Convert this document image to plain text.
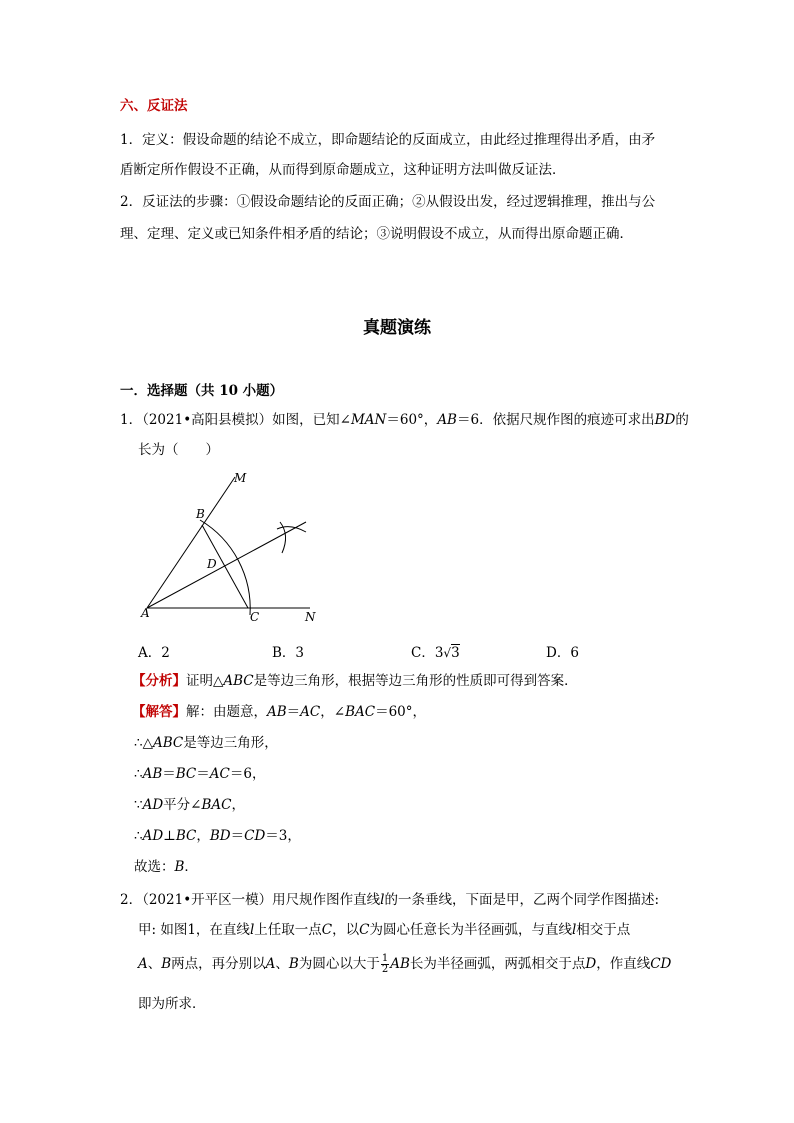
六、反证法
1．定义：假设命题的结论不成立，即命题结论的反面成立，由此经过推理得出矛盾，由矛
盾断定所作假设不正确，从而得到原命题成立，这种证明方法叫做反证法．
2．反证法的步骤：①假设命题结论的反面正确；②从假设出发，经过逻辑推理，推出与公
理、定理、定义或已知条件相矛盾的结论；③说明假设不成立，从而得出原命题正确．
真题演练
一．选择题（共 10 小题）
1．（2021•高阳县模拟）如图，已知∠MAN＝60°，AB＝6．依据尺规作图的痕迹可求出BD的
长为（　　）
M
B
D
A	C	N
A．2	B．3	C．3√3	D．6
【分析】证明△ABC是等边三角形，根据等边三角形的性质即可得到答案．
【解答】解：由题意，AB＝AC，∠BAC＝60°，
∴△ABC是等边三角形，
∴AB＝BC＝AC＝6，
∵AD平分∠BAC，
∴AD⊥BC，BD＝CD＝3，
故选：B．
2．（2021•开平区一模）用尺规作图作直线l的一条垂线，下面是甲，乙两个同学作图描述:
甲: 如图1，在直线l上任取一点C，以C为圆心任意长为半径画弧，与直线l相交于点
A、B两点，再分别以A、B为圆心以大于 $\frac{1}{2}$ AB长为半径画弧，两弧相交于点D，作直线CD
即为所求．
